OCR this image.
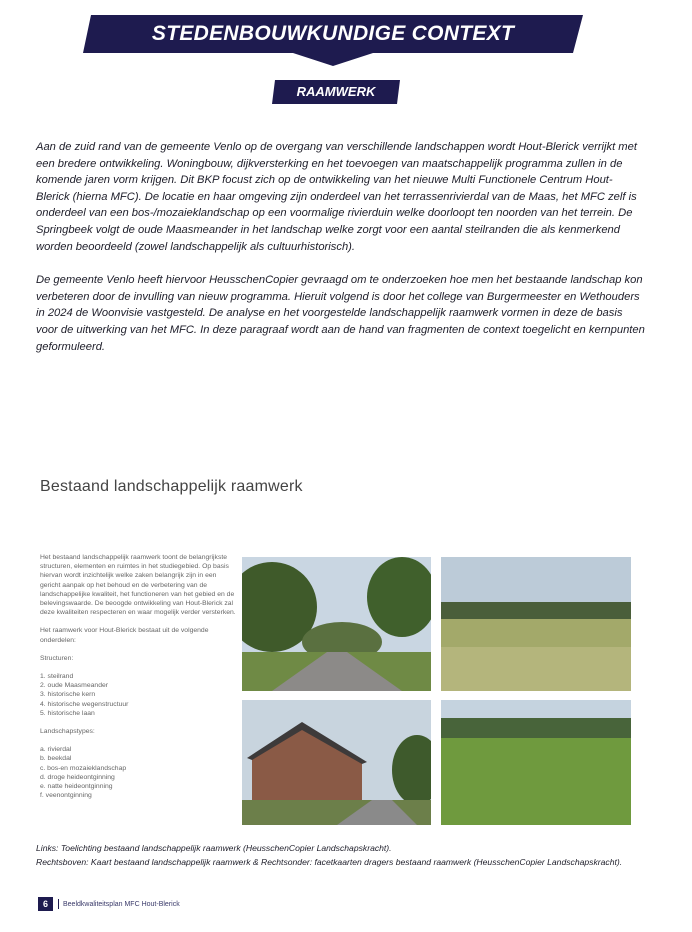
STEDENBOUWKUNDIGE CONTEXT
RAAMWERK

Aan de zuid rand van de gemeente Venlo op de overgang van verschillende landschappen wordt Hout-Blerick verrijkt met een bredere ontwikkeling. Woningbouw, dijkversterking en het toevoegen van maatschappelijk programma zullen in de komende jaren vorm krijgen. Dit BKP focust zich op de ontwikkeling van het nieuwe Multi Functionele Centrum Hout-Blerick (hierna MFC). De locatie en haar omgeving zijn onderdeel van het terrassenrivierdal van de Maas, het MFC zelf is onderdeel van een bos-/mozaieklandschap op een voormalige rivierduin welke doorloopt ten noorden van het terrein. De Springbeek volgt de oude Maasmeander in het landschap welke zorgt voor een aantal steilranden die als kenmerkend worden beoordeeld (zowel landschappelijk als cultuurhistorisch).

De gemeente Venlo heeft hiervoor HeusschenCopier gevraagd om te onderzoeken hoe men het bestaande landschap kon verbeteren door de invulling van nieuw programma. Hieruit volgend is door het college van Burgermeester en Wethouders in 2024 de Woonvisie vastgesteld. De analyse en het voorgestelde landschappelijk raamwerk vormen in deze de basis voor de uitwerking van het MFC. In deze paragraaf wordt aan de hand van fragmenten de context toegelicht en kernpunten geformuleerd.

Bestaand landschappelijk raamwerk

Het bestaand landschappelijk raamwerk toont de belangrijkste structuren, elementen en ruimtes in het studiegebied. Op basis hiervan wordt inzichtelijk welke zaken belangrijk zijn in een gericht aanpak op het behoud en de verbetering van de landschappelijke kwaliteit, het functioneren van het gebied en de belevingswaarde. De beoogde ontwikkeling van Hout-Blerick zal deze kwaliteiten respecteren en waar mogelijk verder versterken.

Het raamwerk voor Hout-Blerick bestaat uit de volgende onderdelen:

Structuren:

1. steilrand
2. oude Maasmeander
3. historische kern
4. historische wegenstructuur
5. historische laan

Landschapstypes:

a. rivierdal
b. beekdal
c. bos-en mozaieklandschap
d. droge heideontginning
e. natte heideontginning
f. veenontginning
Links: Toelichting bestaand landschappelijk raamwerk (HeusschenCopier Landschapskracht).
Rechtsboven: Kaart bestaand landschappelijk raamwerk & Rechtsonder: facetkaarten dragers bestaand raamwerk (HeusschenCopier Landschapskracht).
6	Beeldkwaliteitsplan MFC Hout-Blerick
